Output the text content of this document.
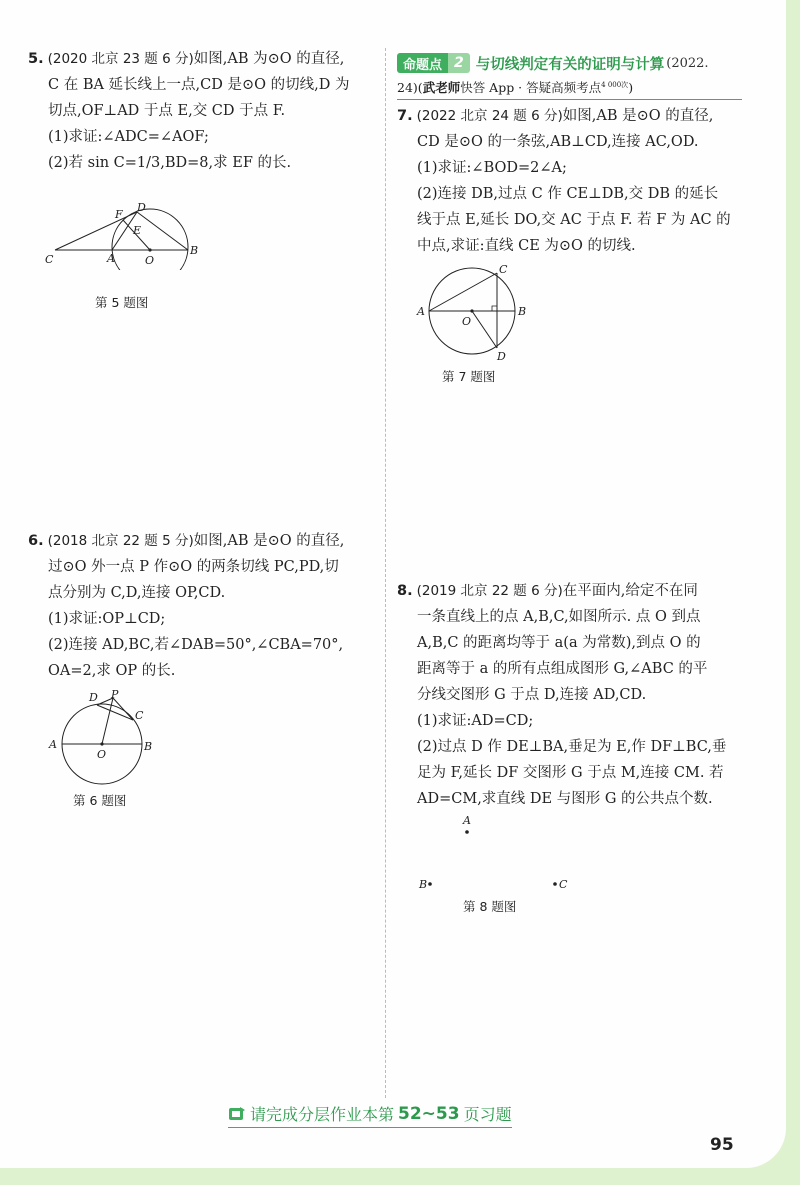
5. (2020 北京 23 题 6 分)如图,AB 为⊙O 的直径,

C 在 BA 延长线上一点,CD 是⊙O 的切线,D 为

切点,OF⊥AD 于点 E,交 CD 于点 F.

(1)求证:∠ADC=∠AOF;

(2)若 sin C=1/3,BD=8,求 EF 的长.

C	A	O
B
F
D
E
第 5 题图
命题点 2 与切线判定有关的证明与计算 (2022.
24)(武老师快答 App · 答疑高频考点$^{4 000次}$)

7. (2022 北京 24 题 6 分)如图,AB 是⊙O 的直径,

CD 是⊙O 的一条弦,AB⊥CD,连接 AC,OD.

(1)求证:∠BOD=2∠A;

(2)连接 DB,过点 C 作 CE⊥DB,交 DB 的延长

线于点 E,延长 DO,交 AC 于点 F. 若 F 为 AC 的

中点,求证:直线 CE 为⊙O 的切线.

A	B
C
D
O
第 7 题图

6. (2018 北京 22 题 5 分)如图,AB 是⊙O 的直径,

过⊙O 外一点 P 作⊙O 的两条切线 PC,PD,切

点分别为 C,D,连接 OP,CD.

(1)求证:OP⊥CD;

(2)连接 AD,BC,若∠DAB=50°,∠CBA=70°,

OA=2,求 OP 的长.

D P
C
A	B
O
第 6 题图

8. (2019 北京 22 题 6 分)在平面内,给定不在同

一条直线上的点 A,B,C,如图所示. 点 O 到点

A,B,C 的距离均等于 a(a 为常数),到点 O 的

距离等于 a 的所有点组成图形 G,∠ABC 的平

分线交图形 G 于点 D,连接 AD,CD.

(1)求证:AD=CD;

(2)过点 D 作 DE⊥BA,垂足为 E,作 DF⊥BC,垂

足为 F,延长 DF 交图形 G 于点 M,连接 CM. 若

AD=CM,求直线 DE 与图形 G 的公共点个数.

A
B	C
第 8 题图
请完成分层作业本第 52~53 页习题
95
